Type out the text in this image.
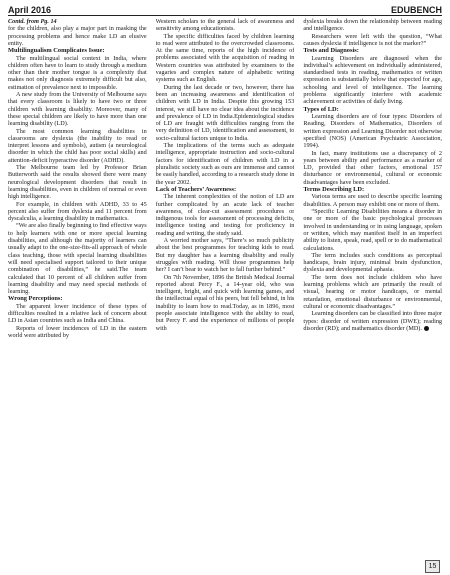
April 2016	EDUBENCH

Contd. from Pg. 14

for the children, also play a major part in masking the processing problems and hence make LD an elusive entity.

Multilingualism Complicates Issue:

The multilingual social context in India, where children often have to learn to study through a medium other than their mother tongue is a complexity that makes not only diagnosis extremely difficult but also, estimation of prevalence next to impossible.

A new study from the University of Melbourne says that every classroom is likely to have two or three children with learning disability. Moreover, many of these special children are likely to have more than one learning disability (LD).

The most common learning disabilities in classrooms are dyslexia (the inability to read or interpret lessons and symbols), autism (a neurological disorder in which the child has poor social skills) and attention-deficit hyperactive disorder (ADHD).

The Melbourne team led by Professor Brian Butterworth said the results showed there were many neurological development disorders that result in learning disabilities, even in children of normal or even high intelligence.

For example, in children with ADHD, 33 to 45 percent also suffer from dyslexia and 11 percent from dyscalculia, a learning disability in mathematics.

“We are also finally beginning to find effective ways to help learners with one or more special learning disabilities, and although the majority of learners can usually adapt to the one-size-fits-all approach of whole class teaching, those with special learning disabilities will need specialised support tailored to their unique combination of disabilities,” he said.The team calculated that 10 percent of all children suffer from learning disability and may need special methods of learning.

Wrong Perceptions:

The apparent lower incidence of these types of difficulties resulted in a relative lack of concern about LD in Asian countries such as India and China.

Reports of lower incidences of LD in the eastern world were attributed by

Western scholars to the general lack of awareness and sensitivity among educationists.

The specific difficulties faced by children learning to read were attributed to the overcrowded classrooms. At the same time, reports of the high incidence of problems associated with the acquisition of reading in Western countries was attributed by examiners to the vagaries and complex nature of alphabetic writing systems such as English.

During the last decade or two, however, there has been an increasing awareness and identification of children with LD in India. Despite this growing 153 interest, we still have no clear idea about the incidence and prevalence of LD in India.Epidemiological studies of LD are fraught with difficulties ranging from the very definition of LD, identification and assessment, to socio-cultural factors unique to India.

The implications of the terms such as adequate intelligence, appropriate instruction and socio-cultural factors for identification of children with LD in a pluralistic society such as ours are immense and cannot be easily handled, according to a research study done in the year 2002.

Lack of Teachers’ Awareness:

The inherent complexities of the notion of LD are further complicated by an acute lack of teacher awareness, of clear-cut assessment procedures or indigenous tools for assessment of processing deficits, intelligence testing and testing for proficiency in reading and writing, the study said.

A worried mother says, “There’s so much publicity about the best programmes for teaching kids to read. But my daughter has a learning disability and really struggles with reading. Will those programmes help her? I can’t bear to watch her to fall further behind.”

On 7th November, 1896 the British Medical Journal reported about Percy F., a 14-year old, who was intelligent, bright, and quick with learning games, and the intellectual equal of his peers, but fell behind, in his inability to learn how to read.Today, as in 1896, most people associate intelligence with the ability to read, but Percy F. and the experience of millions of people with

dyslexia breaks down the relationship between reading and intelligence.

Researchers were left with the question, “What causes dyslexia if intelligence is not the marker?”

Tests and Diagnosis:

Learning Disorders are diagnosed when the individual’s achievement on individually administered, standardised tests in reading, mathematics or written expression is substantially below that expected for age, schooling and level of intelligence. The learning problems significantly interfere with academic achievement or activities of daily living.

Types of LD:

Learning disorders are of four types: Disorders of Reading, Disorders of Mathematics, Disorders of written expression and Learning Disorder not otherwise specified (NOS) (American Psychiatric Association, 1994).

In fact, many institutions use a discrepancy of 2 years between ability and performance as a marker of LD, provided that other factors, emotional 157 disturbance or environmental, cultural or economic disadvantages have been excluded.

Terms Describing LD:

Various terms are used to describe specific learning disabilities. A person may exhibit one or more of them.

“Specific Learning Disabilities means a disorder in one or more of the basic psychological processes involved in understanding or in using language, spoken or written, which may manifest itself in an imperfect ability to listen, speak, read, spell or to do mathematical calculations.

The term includes such conditions as perceptual handicaps, brain injury, minimal brain dysfunction, dyslexia and developmental aphasia.

The term does not include children who have learning problems which are primarily the result of visual, hearing or motor handicaps, or mental retardation, emotional disturbance or environmental, cultural or economic disadvantages.”

Learning disorders can be classified into three major types: disorder of written expression (DWE); reading disorder (RD); and mathematics disorder (MD).

15
